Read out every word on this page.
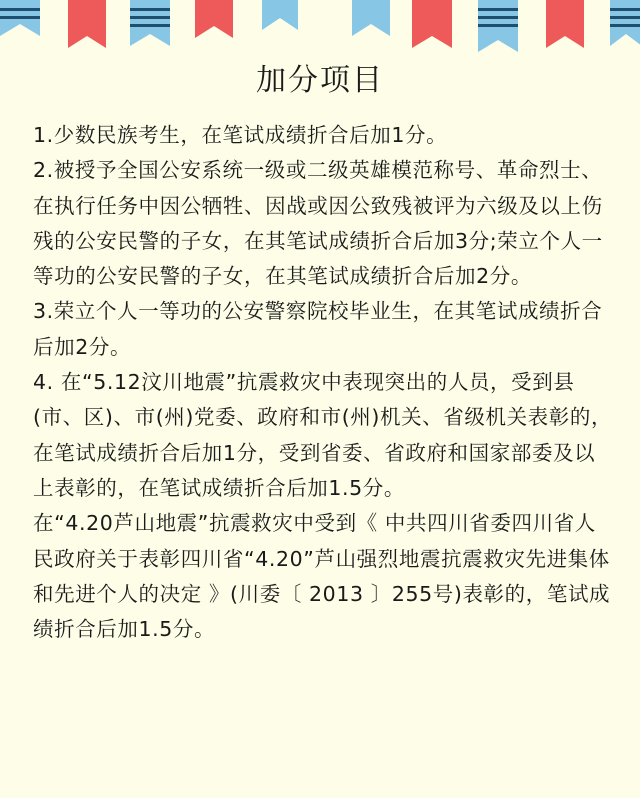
加分项目

1.少数民族考生，在笔试成绩折合后加1分。

2.被授予全国公安系统一级或二级英雄模范称号、革命烈士、在执行任务中因公牺牲、因战或因公致残被评为六级及以上伤残的公安民警的子女，在其笔试成绩折合后加3分;荣立个人一等功的公安民警的子女，在其笔试成绩折合后加2分。

3.荣立个人一等功的公安警察院校毕业生，在其笔试成绩折合后加2分。

4. 在“5.12汶川地震”抗震救灾中表现突出的人员，受到县(市、区)、市(州)党委、政府和市(州)机关、省级机关表彰的，在笔试成绩折合后加1分，受到省委、省政府和国家部委及以上表彰的，在笔试成绩折合后加1.5分。

在“4.20芦山地震”抗震救灾中受到《 中共四川省委四川省人民政府关于表彰四川省“4.20”芦山强烈地震抗震救灾先进集体和先进个人的决定 》(川委〔 2013 〕255号)表彰的，笔试成绩折合后加1.5分。
